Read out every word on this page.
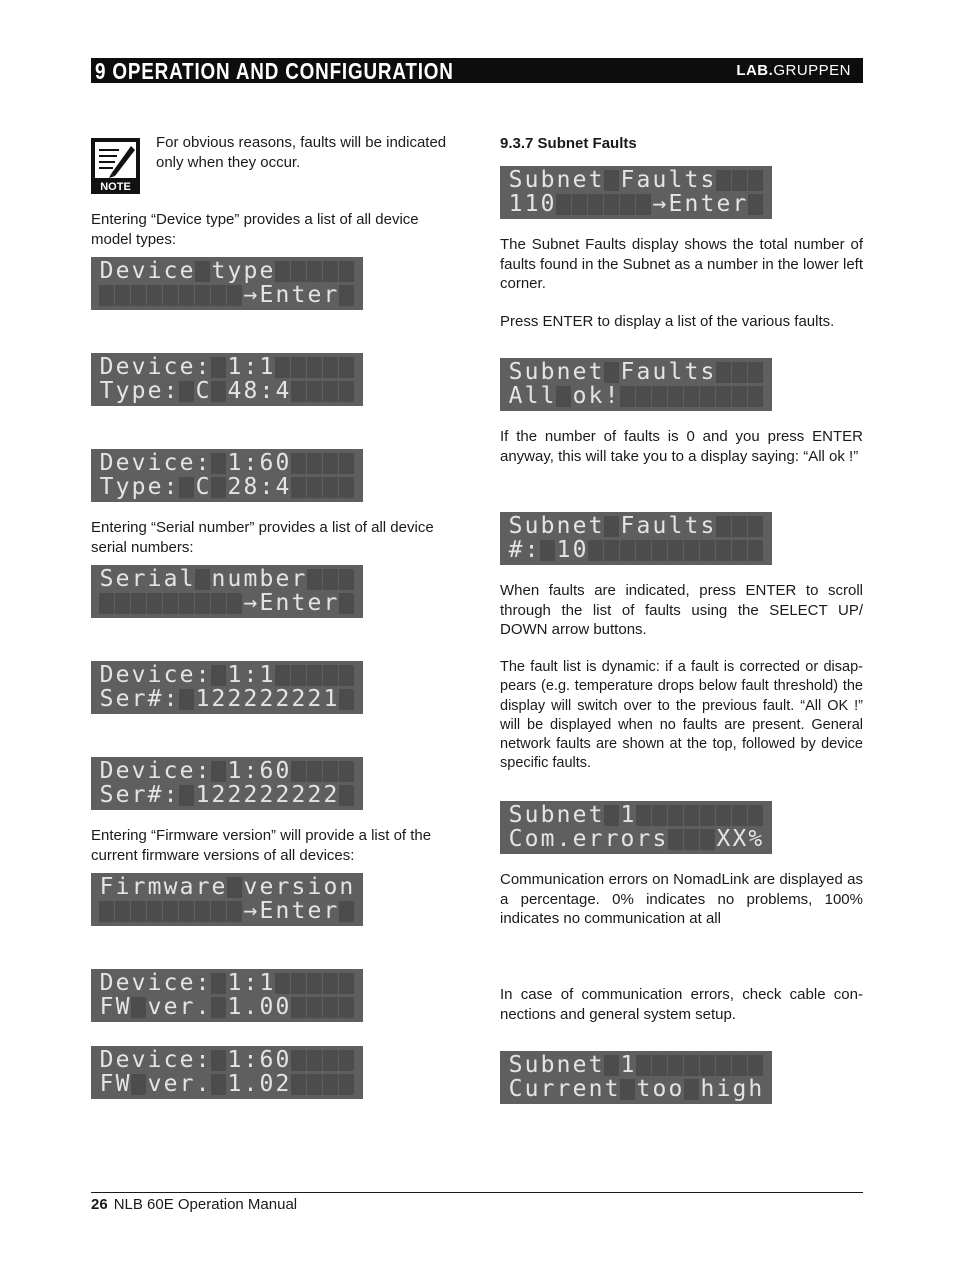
9 OPERATION AND CONFIGURATION	LAB.GRUPPEN
NOTE
For obvious reasons, faults will be indicated
only when they occur.
Entering “Device type” provides a list of all device
model types:
Entering “Serial number” provides a list of all device
serial numbers:
Entering “Firmware version” will provide a list of the
current firmware versions of all devices:
9.3.7 Subnet Faults
The Subnet Faults display shows the total number of faults found in the Subnet as a number in the lower left corner.
Press ENTER to display a list of the various faults.
If the number of faults is 0 and you press ENTER anyway, this will take you to a display saying: “All ok !”
When faults are indicated, press ENTER to scroll through the list of faults using the SELECT UP/ DOWN arrow buttons.
The fault list is dynamic: if a fault is corrected or disap-pears (e.g. temperature drops below fault threshold) the display will switch over to the previous fault. “All OK !” will be displayed when no faults are present. General network faults are shown at the top, followed by device specific faults.
Communication errors on NomadLink are displayed as a percentage. 0% indicates no problems, 100% indicates no communication at all
In case of communication errors, check cable con-nections and general system setup.
D e v i c e t y p e
→ E n t e r
D e v i c e : 1 : 1
T y p e : C 4 8 : 4
D e v i c e : 1 : 6 0
T y p e : C 2 8 : 4
S e r i a l n u m b e r
→ E n t e r
D e v i c e : 1 : 1
S e r # : 1 2 2 2 2 2 2 2 1
D e v i c e : 1 : 6 0
S e r # : 1 2 2 2 2 2 2 2 2
F i r m w a r e v e r s i o n
→ E n t e r
D e v i c e : 1 : 1
F W v e r . 1 . 0 0
D e v i c e : 1 : 6 0
F W v e r . 1 . 0 2
S u b n e t F a u l t s
1 1 0	→ E n t e r
S u b n e t F a u l t s
A l l o k !
S u b n e t F a u l t s
# : 1 0
S u b n e t 1
C o m . e r r o r s X X %
S u b n e t 1
C u r r e n t t o o h i g h
26 NLB 60E Operation Manual
